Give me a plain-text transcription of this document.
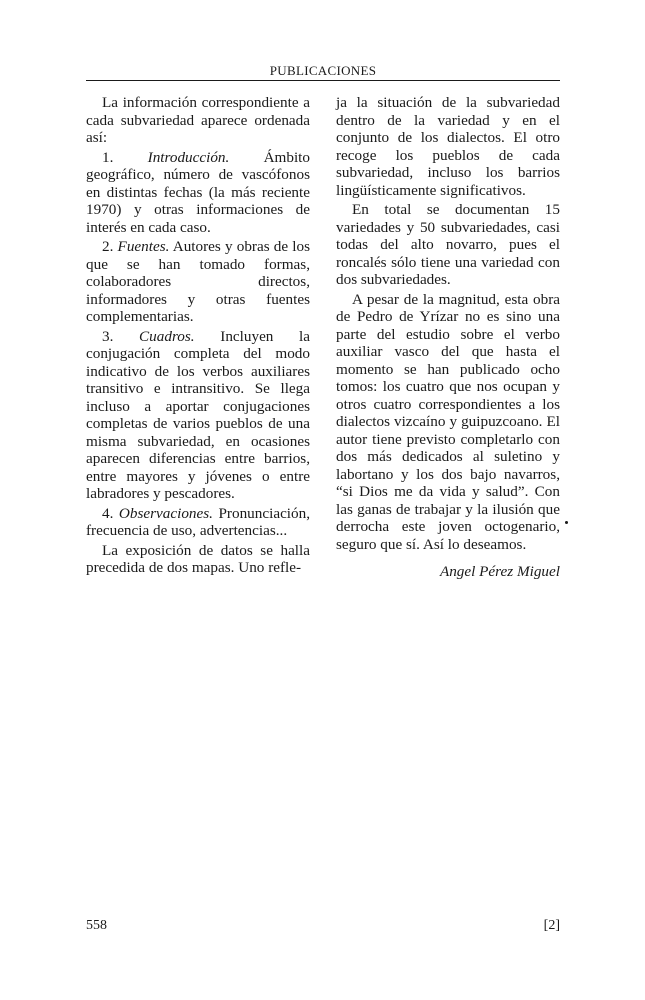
PUBLICACIONES

La información correspondiente a cada subvariedad aparece ordenada así:

1. Introducción. Ámbito geográfico, número de vascófonos en distintas fechas (la más reciente 1970) y otras informaciones de interés en cada caso.

2. Fuentes. Autores y obras de los que se han tomado formas, colaboradores directos, informadores y otras fuentes complementarias.

3. Cuadros. Incluyen la conjugación completa del modo indicativo de los verbos auxiliares transitivo e intransitivo. Se llega incluso a aportar conjugaciones completas de varios pueblos de una misma subvariedad, en ocasiones aparecen diferencias entre barrios, entre mayores y jóvenes o entre labradores y pescadores.

4. Observaciones. Pronunciación, frecuencia de uso, advertencias...

La exposición de datos se halla precedida de dos mapas. Uno refle-

ja la situación de la subvariedad dentro de la variedad y en el conjunto de los dialectos. El otro recoge los pueblos de cada subvariedad, incluso los barrios lingüísticamente significativos.

En total se documentan 15 variedades y 50 subvariedades, casi todas del alto novarro, pues el roncalés sólo tiene una variedad con dos subvariedades.

A pesar de la magnitud, esta obra de Pedro de Yrízar no es sino una parte del estudio sobre el verbo auxiliar vasco del que hasta el momento se han publicado ocho tomos: los cuatro que nos ocupan y otros cuatro correspondientes a los dialectos vizcaíno y guipuzcoano. El autor tiene previsto completarlo con dos más dedicados al suletino y labortano y los dos bajo navarros, “si Dios me da vida y salud”. Con las ganas de trabajar y la ilusión que derrocha este joven octogenario, seguro que sí. Así lo deseamos.

Angel Pérez Miguel

558	[2]
